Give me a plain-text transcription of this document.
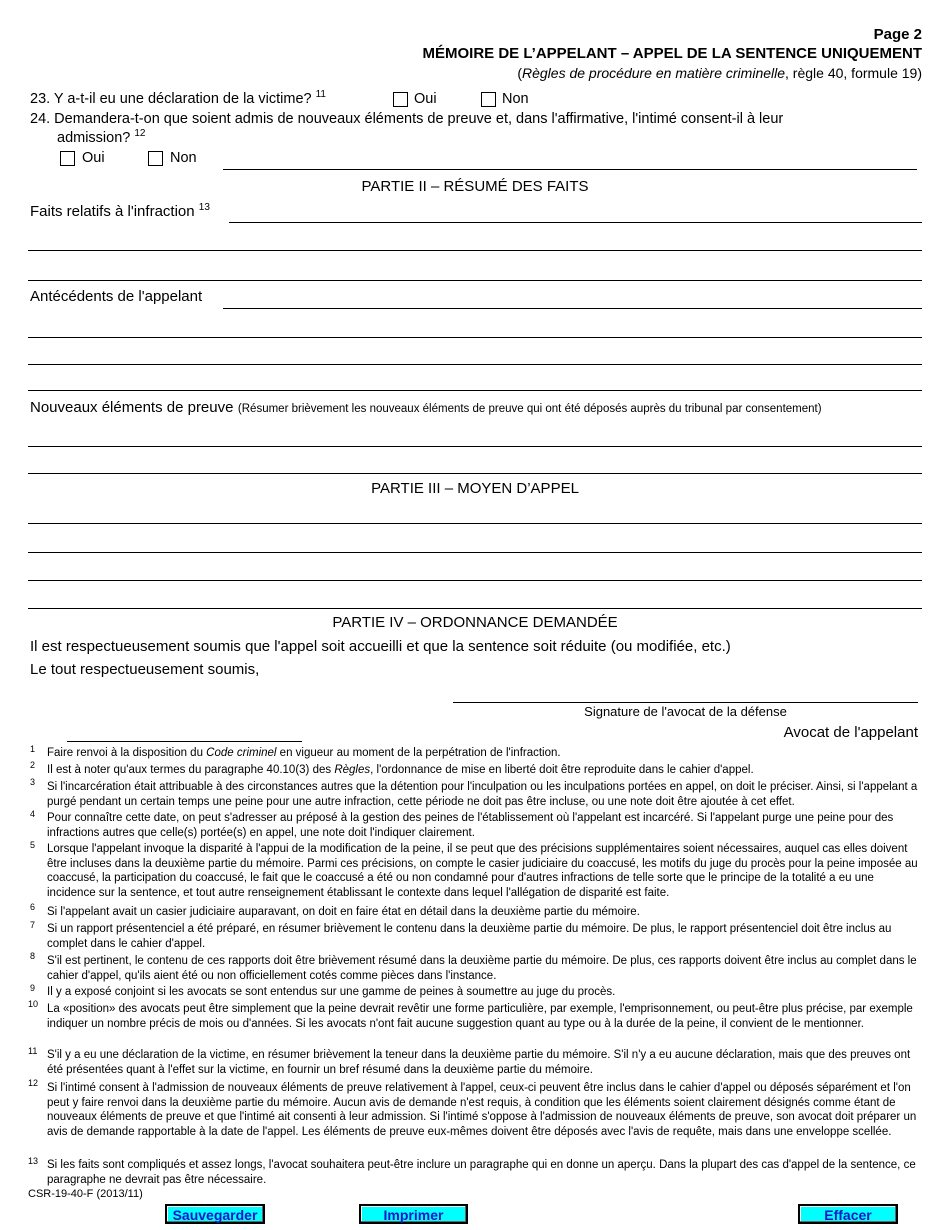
Page 2
MÉMOIRE DE L’APPELANT – APPEL DE LA SENTENCE UNIQUEMENT
(Règles de procédure en matière criminelle, règle 40, formule 19)
23. Y a-t-il eu une déclaration de la victime? $^{11}$	Oui	Non
24. Demandera-t-on que soient admis de nouveaux éléments de preuve et, dans l'affirmative, l'intimé consent-il à leur
admission? $^{12}$
Oui	Non
PARTIE II – RÉSUMÉ DES FAITS
Faits relatifs à l'infraction $^{13}$
Antécédents de l'appelant
Nouveaux éléments de preuve (Résumer brièvement les nouveaux éléments de preuve qui ont été déposés auprès du tribunal par consentement)
PARTIE III – MOYEN D’APPEL
PARTIE IV – ORDONNANCE DEMANDÉE
Il est respectueusement soumis que l'appel soit accueilli et que la sentence soit réduite (ou modifiée, etc.)
Le tout respectueusement soumis,
Signature de l'avocat de la défense
Avocat de l'appelant
1 Faire renvoi à la disposition du Code criminel en vigueur au moment de la perpétration de l'infraction.
2 Il est à noter qu'aux termes du paragraphe 40.10(3) des Règles, l'ordonnance de mise en liberté doit être reproduite dans le cahier d'appel.
3 Si l'incarcération était attribuable à des circonstances autres que la détention pour l'inculpation ou les inculpations portées en appel, on doit le préciser. Ainsi, si l'appelant a purgé pendant un certain temps une peine pour une autre infraction, cette période ne doit pas être incluse, ou une note doit être ajoutée à cet effet.
4 Pour connaître cette date, on peut s'adresser au préposé à la gestion des peines de l'établissement où l'appelant est incarcéré. Si l'appelant purge une peine pour des infractions autres que celle(s) portée(s) en appel, une note doit l'indiquer clairement.
5 Lorsque l'appelant invoque la disparité à l'appui de la modification de la peine, il se peut que des précisions supplémentaires soient nécessaires, auquel cas elles doivent être incluses dans la deuxième partie du mémoire. Parmi ces précisions, on compte le casier judiciaire du coaccusé, les motifs du juge du procès pour la peine imposée au coaccusé, la participation du coaccusé, le fait que le coaccusé a été ou non condamné pour d'autres infractions de telle sorte que le principe de la totalité a eu une incidence sur la sentence, et tout autre renseignement établissant le contexte dans lequel l'allégation de disparité est faite.
6 Si l'appelant avait un casier judiciaire auparavant, on doit en faire état en détail dans la deuxième partie du mémoire.
7 Si un rapport présentenciel a été préparé, en résumer brièvement le contenu dans la deuxième partie du mémoire. De plus, le rapport présentenciel doit être inclus au complet dans le cahier d'appel.
8 S'il est pertinent, le contenu de ces rapports doit être brièvement résumé dans la deuxième partie du mémoire. De plus, ces rapports doivent être inclus au complet dans le cahier d'appel, qu'ils aient été ou non officiellement cotés comme pièces dans l'instance.
9 Il y a exposé conjoint si les avocats se sont entendus sur une gamme de peines à soumettre au juge du procès.
10 La «position» des avocats peut être simplement que la peine devrait revêtir une forme particulière, par exemple, l'emprisonnement, ou peut-être plus précise, par exemple indiquer un nombre précis de mois ou d'années. Si les avocats n'ont fait aucune suggestion quant au type ou à la durée de la peine, il convient de le mentionner.
11 S'il y a eu une déclaration de la victime, en résumer brièvement la teneur dans la deuxième partie du mémoire. S'il n'y a eu aucune déclaration, mais que des preuves ont été présentées quant à l'effet sur la victime, en fournir un bref résumé dans la deuxième partie du mémoire.
12 Si l'intimé consent à l'admission de nouveaux éléments de preuve relativement à l'appel, ceux-ci peuvent être inclus dans le cahier d'appel ou déposés séparément et l'on peut y faire renvoi dans la deuxième partie du mémoire. Aucun avis de demande n'est requis, à condition que les éléments soient clairement désignés comme étant de nouveaux éléments de preuve et que l'intimé ait consenti à leur admission. Si l'intimé s'oppose à l'admission de nouveaux éléments de preuve, son avocat doit préparer un avis de demande rapportable à la date de l'appel. Les éléments de preuve eux-mêmes doivent être déposés avec l'avis de requête, mais dans une enveloppe scellée.
13 Si les faits sont compliqués et assez longs, l'avocat souhaitera peut-être inclure un paragraphe qui en donne un aperçu. Dans la plupart des cas d'appel de la sentence, ce paragraphe ne devrait pas être nécessaire.
CSR-19-40-F (2013/11)
Sauvegarder	Imprimer	Effacer
